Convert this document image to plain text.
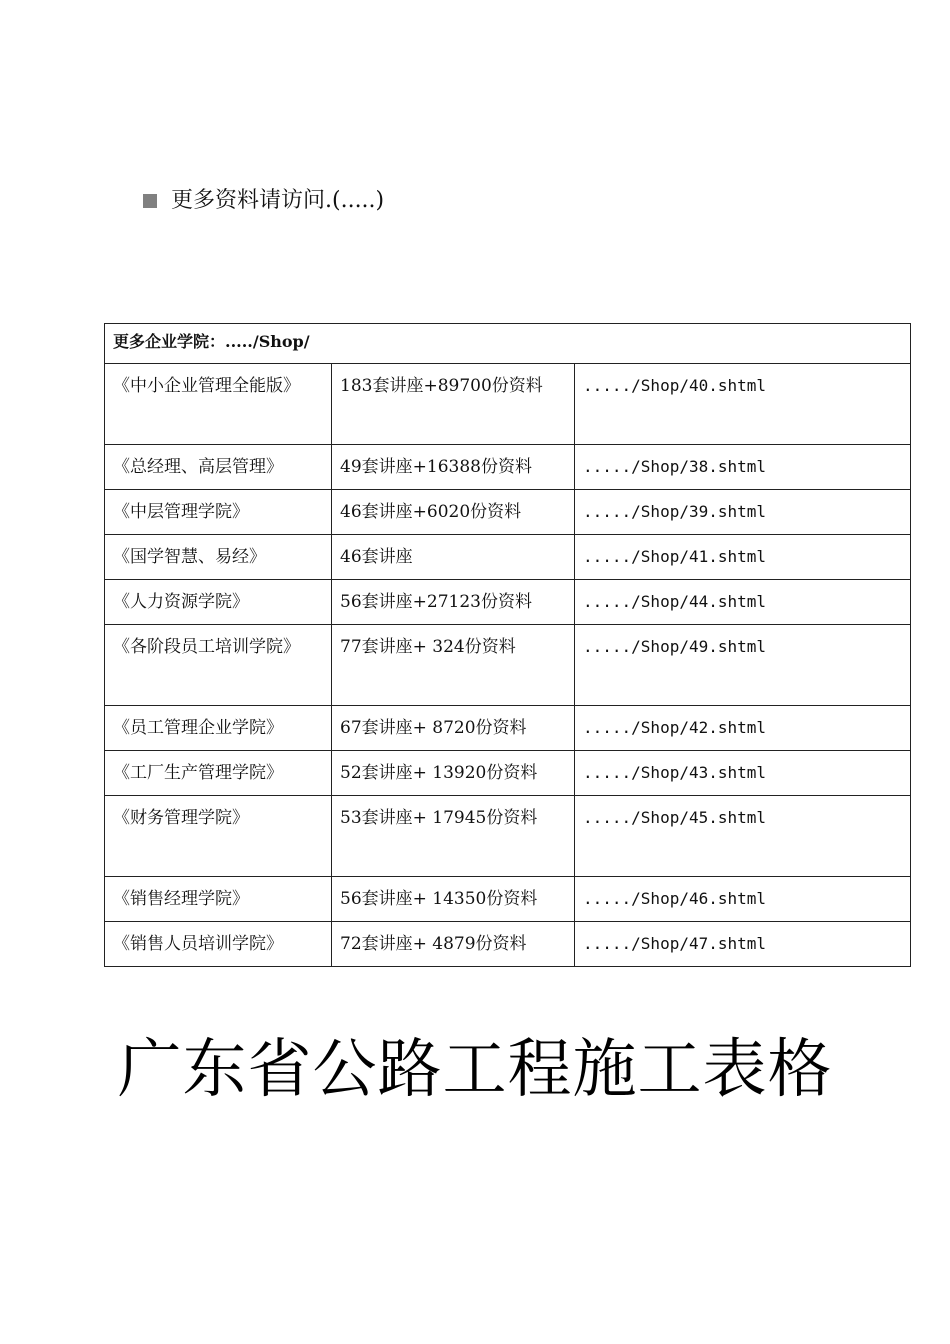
更多资料请访问.(.....)
更多企业学院：...../Shop/		
《中小企业管理全能版》	183套讲座+89700份资料	...../Shop/40.shtml
《总经理、高层管理》	49套讲座+16388份资料	...../Shop/38.shtml
《中层管理学院》	46套讲座+6020份资料	...../Shop/39.shtml
《国学智慧、易经》	46套讲座	...../Shop/41.shtml
《人力资源学院》	56套讲座+27123份资料	...../Shop/44.shtml
《各阶段员工培训学院》	77套讲座+ 324份资料	...../Shop/49.shtml
《员工管理企业学院》	67套讲座+ 8720份资料	...../Shop/42.shtml
《工厂生产管理学院》	52套讲座+ 13920份资料	...../Shop/43.shtml
《财务管理学院》	53套讲座+ 17945份资料	...../Shop/45.shtml
《销售经理学院》	56套讲座+ 14350份资料	...../Shop/46.shtml
《销售人员培训学院》	72套讲座+ 4879份资料	...../Shop/47.shtml
广东省公路工程施工表格
